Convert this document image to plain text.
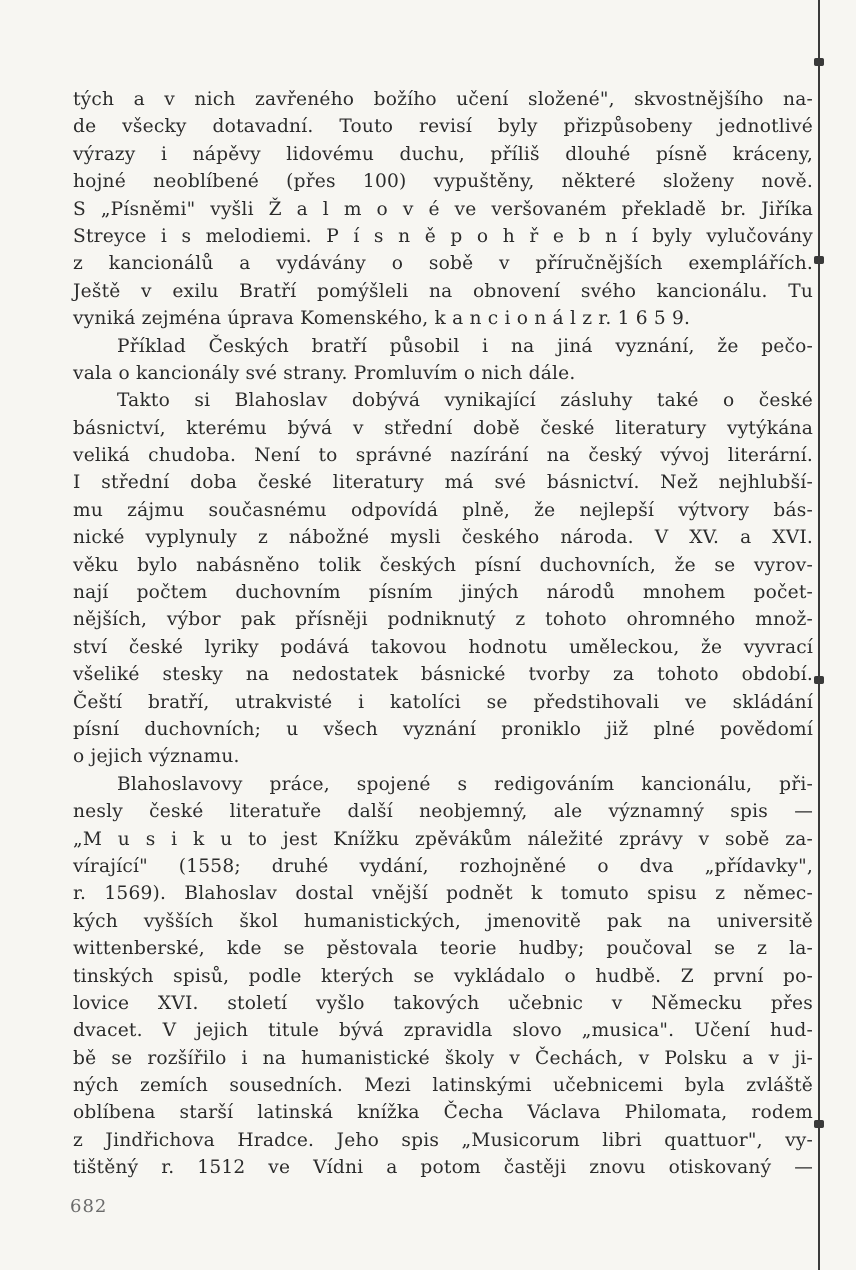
tých a v nich zavřeného božího učení složené", skvostnějšího na-
de všecky dotavadní. Touto revisí byly přizpůsobeny jednotlivé
výrazy i nápěvy lidovému duchu, příliš dlouhé písně kráceny,
hojné neoblíbené (přes 100) vypuštěny, některé složeny nově.
S „Písněmi" vyšli Ž a l m o v é ve veršovaném překladě br. Jiříka
Streyce i s melodiemi. P í s n ě p o h ř e b n í byly vylučovány
z kancionálů a vydávány o sobě v příručnějších exemplářích.
Ještě v exilu Bratří pomýšleli na obnovení svého kancionálu. Tu
vyniká zejména úprava Komenského, k a n c i o n á l z r. 1 6 5 9.
Příklad Českých bratří působil i na jiná vyznání, že pečo-
vala o kancionály své strany. Promluvím o nich dále.
Takto si Blahoslav dobývá vynikající zásluhy také o české
básnictví, kterému bývá v střední době české literatury vytýkána
veliká chudoba. Není to správné nazírání na český vývoj literární.
I střední doba české literatury má své básnictví. Než nejhlubší-
mu zájmu současnému odpovídá plně, že nejlepší výtvory bás-
nické vyplynuly z nábožné mysli českého národa. V XV. a XVI.
věku bylo nabásněno tolik českých písní duchovních, že se vyrov-
nají počtem duchovním písním jiných národů mnohem počet-
nějších, výbor pak přísněji podniknutý z tohoto ohromného množ-
ství české lyriky podává takovou hodnotu uměleckou, že vyvrací
všeliké stesky na nedostatek básnické tvorby za tohoto období.
Čeští bratří, utrakvisté i katolíci se předstihovali ve skládání
písní duchovních; u všech vyznání proniklo již plné povědomí
o jejich významu.
Blahoslavovy práce, spojené s redigováním kancionálu, při-
nesly české literatuře další neobjemný, ale významný spis —
„M u s i k u to jest Knížku zpěvákům náležité zprávy v sobě za-
vírající" (1558; druhé vydání, rozhojněné o dva „přídavky",
r. 1569). Blahoslav dostal vnější podnět k tomuto spisu z němec-
kých vyšších škol humanistických, jmenovitě pak na universitě
wittenberské, kde se pěstovala teorie hudby; poučoval se z la-
tinských spisů, podle kterých se vykládalo o hudbě. Z první po-
lovice XVI. století vyšlo takových učebnic v Německu přes
dvacet. V jejich titule bývá zpravidla slovo „musica". Učení hud-
bě se rozšířilo i na humanistické školy v Čechách, v Polsku a v ji-
ných zemích sousedních. Mezi latinskými učebnicemi byla zvláště
oblíbena starší latinská knížka Čecha Václava Philomata, rodem
z Jindřichova Hradce. Jeho spis „Musicorum libri quattuor", vy-
tištěný r. 1512 ve Vídni a potom častěji znovu otiskovaný —
682
